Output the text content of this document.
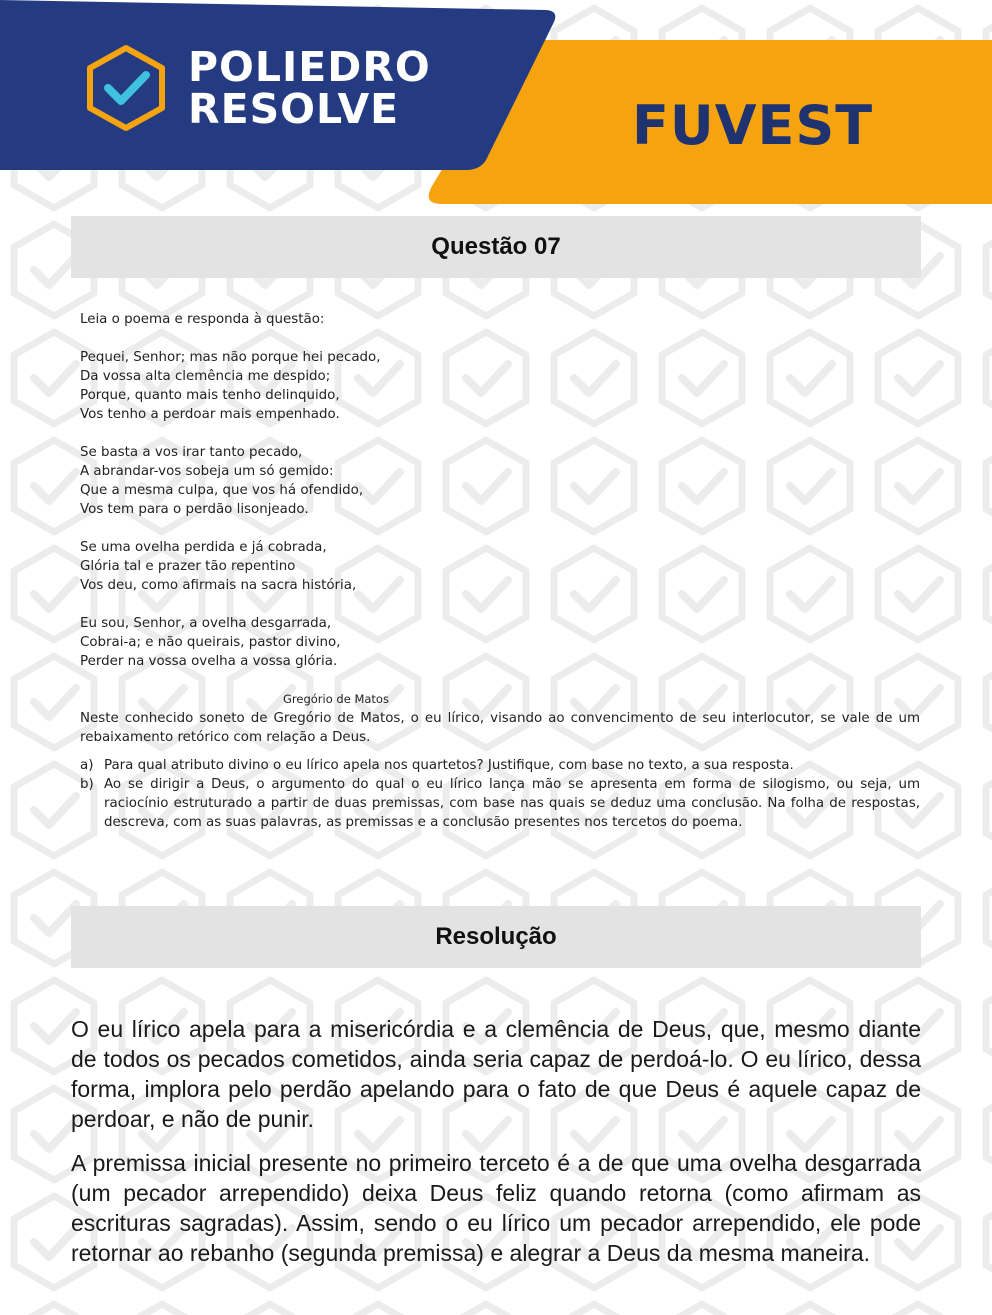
POLIEDRO
RESOLVE	FUVEST
Questão 07

Leia o poema e responda à questão:

Pequei, Senhor; mas não porque hei pecado,
Da vossa alta clemência me despido;
Porque, quanto mais tenho delinquido,
Vos tenho a perdoar mais empenhado.
Se basta a vos irar tanto pecado,
A abrandar-vos sobeja um só gemido:
Que a mesma culpa, que vos há ofendido,
Vos tem para o perdão lisonjeado.
Se uma ovelha perdida e já cobrada,
Glória tal e prazer tão repentino
Vos deu, como afirmais na sacra história,
Eu sou, Senhor, a ovelha desgarrada,
Cobrai-a; e não queirais, pastor divino,
Perder na vossa ovelha a vossa glória.

Gregório de Matos

Neste conhecido soneto de Gregório de Matos, o eu lírico, visando ao convencimento de seu interlocutor, se vale de um rebaixamento retórico com relação a Deus.

a) Para qual atributo divino o eu lírico apela nos quartetos? Justifique, com base no texto, a sua resposta.
b) Ao se dirigir a Deus, o argumento do qual o eu lírico lança mão se apresenta em forma de silogismo, ou seja, um raciocínio estruturado a partir de duas premissas, com base nas quais se deduz uma conclusão. Na folha de respostas, descreva, com as suas palavras, as premissas e a conclusão presentes nos tercetos do poema.
Resolução

O eu lírico apela para a misericórdia e a clemência de Deus, que, mesmo diante de todos os pecados cometidos, ainda seria capaz de perdoá-lo. O eu lírico, dessa forma, implora pelo perdão apelando para o fato de que Deus é aquele capaz de perdoar, e não de punir.

A premissa inicial presente no primeiro terceto é a de que uma ovelha desgarrada (um pecador arrependido) deixa Deus feliz quando retorna (como afirmam as escrituras sagradas). Assim, sendo o eu lírico um pecador arrependido, ele pode retornar ao rebanho (segunda premissa) e alegrar a Deus da mesma maneira.
